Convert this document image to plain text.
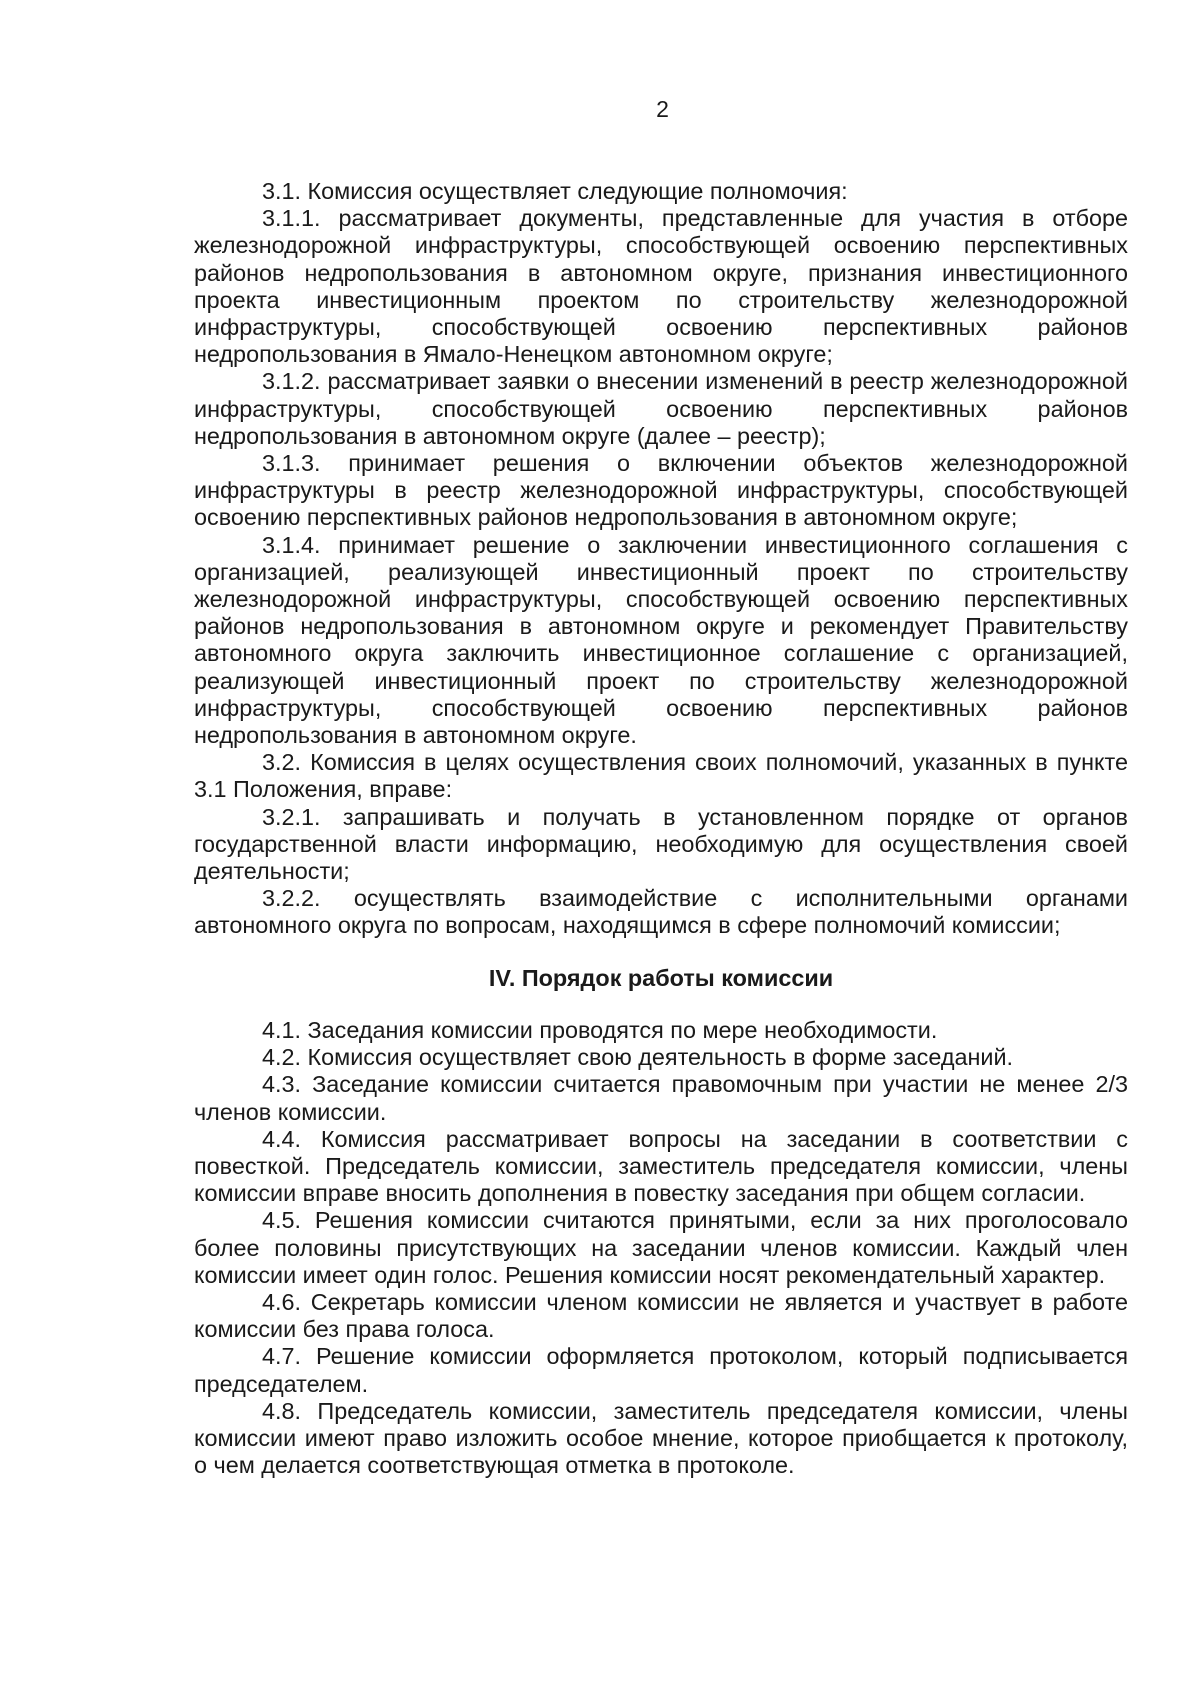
2

3.1. Комиссия осуществляет следующие полномочия:

3.1.1. рассматривает документы, представленные для участия в отборе железнодорожной инфраструктуры, способствующей освоению перспективных районов недропользования в автономном округе, признания инвестиционного проекта инвестиционным проектом по строительству железнодорожной инфраструктуры, способствующей освоению перспективных районов недропользования в Ямало-Ненецком автономном округе;

3.1.2. рассматривает заявки о внесении изменений в реестр железнодорожной инфраструктуры, способствующей освоению перспективных районов недропользования в автономном округе (далее – реестр);

3.1.3. принимает решения о включении объектов железнодорожной инфраструктуры в реестр железнодорожной инфраструктуры, способствующей освоению перспективных районов недропользования в автономном округе;

3.1.4. принимает решение о заключении инвестиционного соглашения с организацией, реализующей инвестиционный проект по строительству железнодорожной инфраструктуры, способствующей освоению перспективных районов недропользования в автономном округе и рекомендует Правительству автономного округа заключить инвестиционное соглашение с организацией, реализующей инвестиционный проект по строительству железнодорожной инфраструктуры, способствующей освоению перспективных районов недропользования в автономном округе.

3.2. Комиссия в целях осуществления своих полномочий, указанных в пункте 3.1 Положения, вправе:

3.2.1. запрашивать и получать в установленном порядке от органов государственной власти информацию, необходимую для осуществления своей деятельности;

3.2.2. осуществлять взаимодействие с исполнительными органами автономного округа по вопросам, находящимся в сфере полномочий комиссии;

IV. Порядок работы комиссии

4.1. Заседания комиссии проводятся по мере необходимости.

4.2. Комиссия осуществляет свою деятельность в форме заседаний.

4.3. Заседание комиссии считается правомочным при участии не менее 2/3 членов комиссии.

4.4. Комиссия рассматривает вопросы на заседании в соответствии с повесткой. Председатель комиссии, заместитель председателя комиссии, члены комиссии вправе вносить дополнения в повестку заседания при общем согласии.

4.5. Решения комиссии считаются принятыми, если за них проголосовало более половины присутствующих на заседании членов комиссии. Каждый член комиссии имеет один голос. Решения комиссии носят рекомендательный характер.

4.6. Секретарь комиссии членом комиссии не является и участвует в работе комиссии без права голоса.

4.7. Решение комиссии оформляется протоколом, который подписывается председателем.

4.8. Председатель комиссии, заместитель председателя комиссии, члены комиссии имеют право изложить особое мнение, которое приобщается к протоколу, о чем делается соответствующая отметка в протоколе.
